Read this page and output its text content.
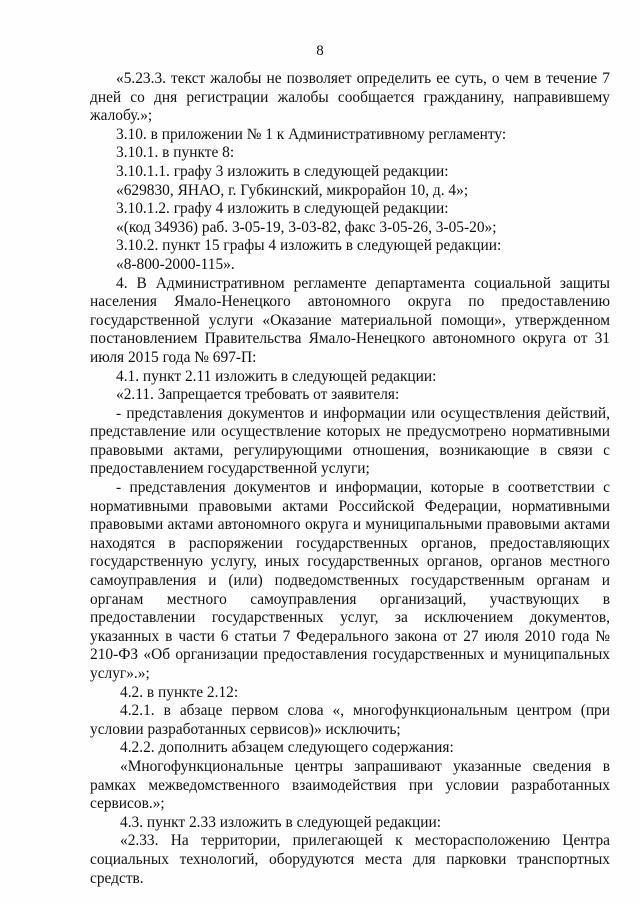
8

«5.23.3. текст жалобы не позволяет определить ее суть, о чем в течение 7 дней со дня регистрации жалобы сообщается гражданину, направившему жалобу.»;

3.10. в приложении № 1 к Административному регламенту:

3.10.1. в пункте 8:

3.10.1.1. графу 3 изложить в следующей редакции:

«629830, ЯНАО, г. Губкинский, микрорайон 10, д. 4»;

3.10.1.2. графу 4 изложить в следующей редакции:

«(код 34936) раб. 3-05-19, 3-03-82, факс 3-05-26, 3-05-20»;

3.10.2. пункт 15 графы 4 изложить в следующей редакции:

«8-800-2000-115».

4. В Административном регламенте департамента социальной защиты населения Ямало-Ненецкого автономного округа по предоставлению государственной услуги «Оказание материальной помощи», утвержденном постановлением Правительства Ямало-Ненецкого автономного округа от 31 июля 2015 года № 697-П:

4.1. пункт 2.11 изложить в следующей редакции:

«2.11. Запрещается требовать от заявителя:

- представления документов и информации или осуществления действий, представление или осуществление которых не предусмотрено нормативными правовыми актами, регулирующими отношения, возникающие в связи с предоставлением государственной услуги;

- представления документов и информации, которые в соответствии с нормативными правовыми актами Российской Федерации, нормативными правовыми актами автономного округа и муниципальными правовыми актами находятся в распоряжении государственных органов, предоставляющих государственную услугу, иных государственных органов, органов местного самоуправления и (или) подведомственных государственным органам и органам местного самоуправления организаций, участвующих в предоставлении государственных услуг, за исключением документов, указанных в части 6 статьи 7 Федерального закона от 27 июля 2010 года № 210-ФЗ «Об организации предоставления государственных и муниципальных услуг».»;

4.2. в пункте 2.12:

4.2.1. в абзаце первом слова «, многофункциональным центром (при условии разработанных сервисов)» исключить;

4.2.2. дополнить абзацем следующего содержания:

«Многофункциональные центры запрашивают указанные сведения в рамках межведомственного взаимодействия при условии разработанных сервисов.»;

4.3. пункт 2.33 изложить в следующей редакции:

«2.33. На территории, прилегающей к месторасположению Центра социальных технологий, оборудуются места для парковки транспортных средств.
